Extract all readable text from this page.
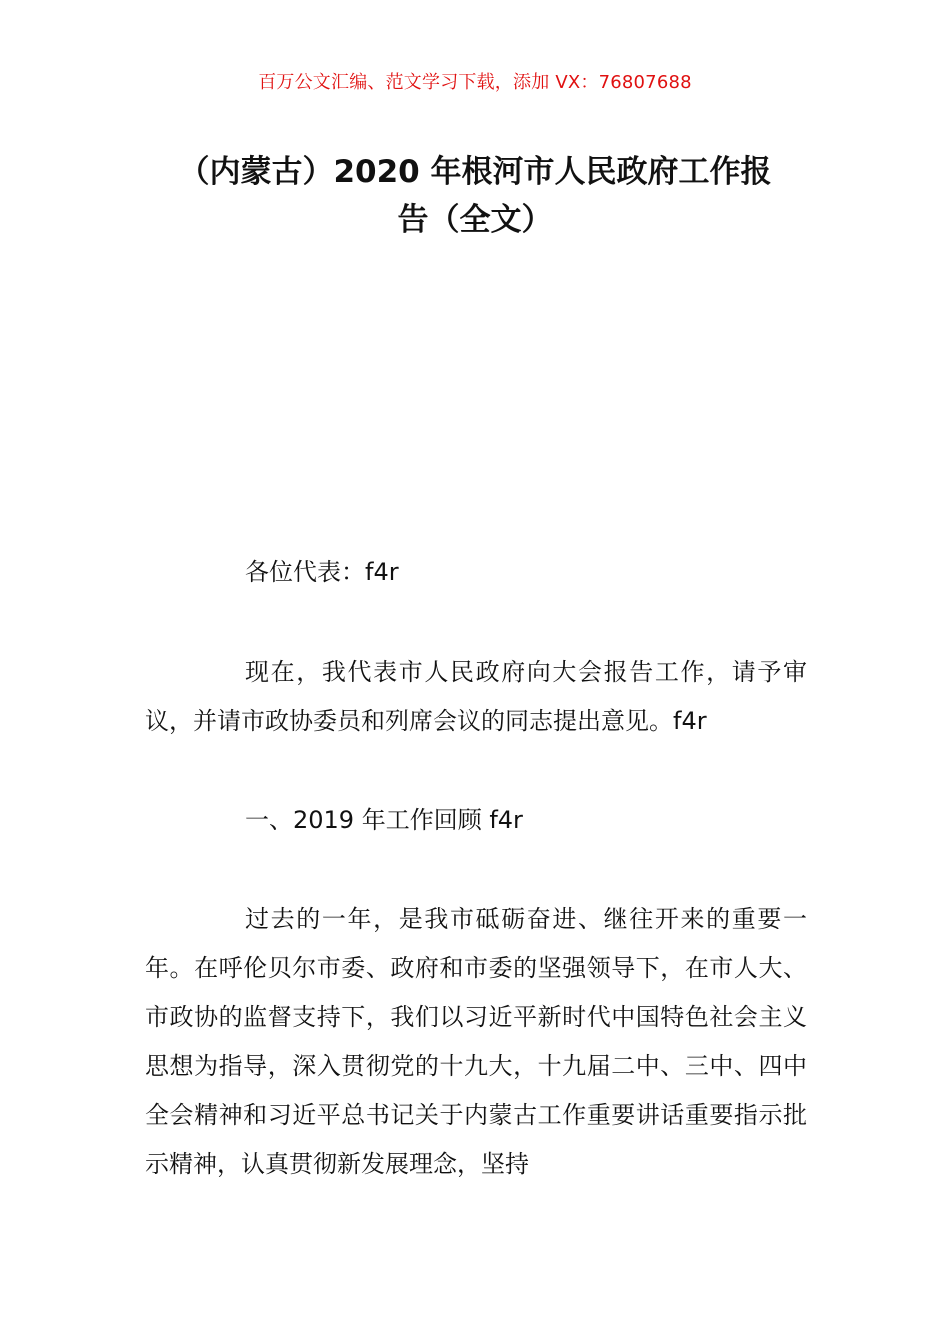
百万公文汇编、范文学习下载，添加 VX：76807688
（内蒙古）2020 年根河市人民政府工作报
告（全文）

各位代表：f4r

现在，我代表市人民政府向大会报告工作，请予审议，并请市政协委员和列席会议的同志提出意见。f4r

一、2019 年工作回顾 f4r

过去的一年，是我市砥砺奋进、继往开来的重要一年。在呼伦贝尔市委、政府和市委的坚强领导下，在市人大、市政协的监督支持下，我们以习近平新时代中国特色社会主义思想为指导，深入贯彻党的十九大，十九届二中、三中、四中全会精神和习近平总书记关于内蒙古工作重要讲话重要指示批示精神，认真贯彻新发展理念，坚持
